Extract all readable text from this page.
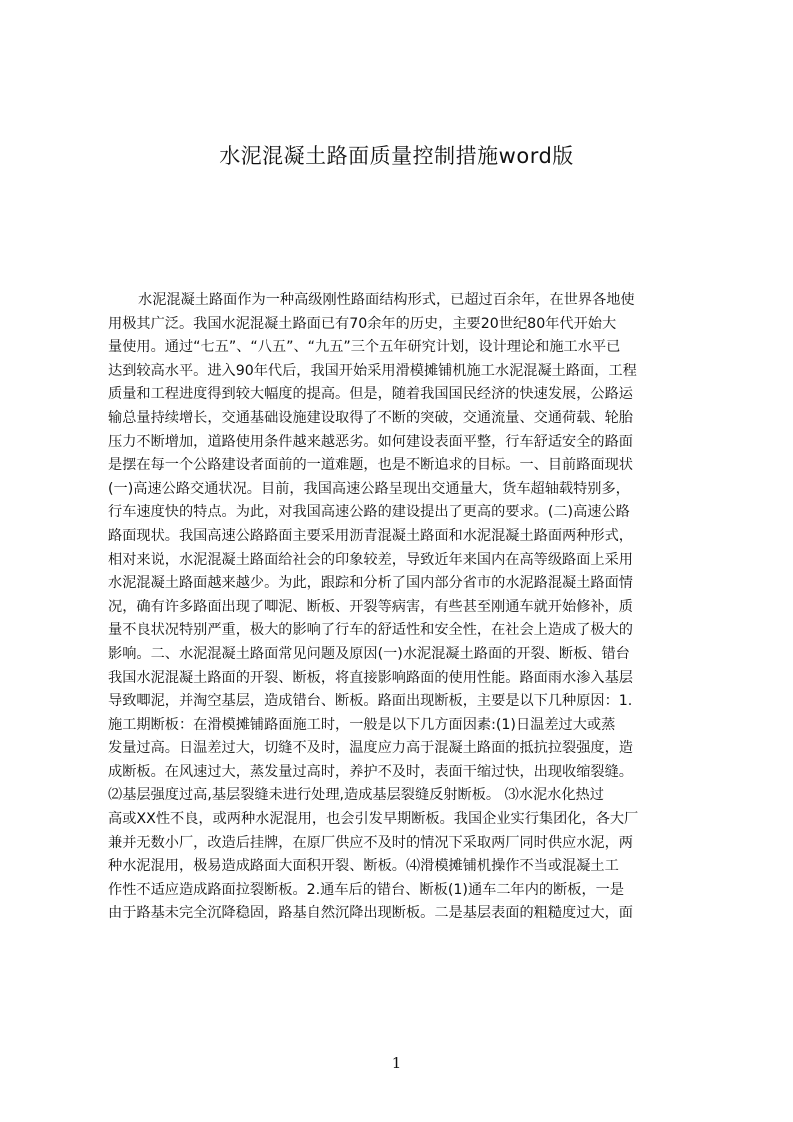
水泥混凝土路面质量控制措施word版
水泥混凝土路面作为一种高级刚性路面结构形式，已超过百余年，在世界各地使
用极其广泛。我国水泥混凝土路面已有70余年的历史，主要20世纪80年代开始大
量使用。通过“七五”、“八五”、“九五”三个五年研究计划，设计理论和施工水平已
达到较高水平。进入90年代后，我国开始采用滑模摊铺机施工水泥混凝土路面，工程
质量和工程进度得到较大幅度的提高。但是，随着我国国民经济的快速发展，公路运
输总量持续增长，交通基础设施建设取得了不断的突破，交通流量、交通荷载、轮胎
压力不断增加，道路使用条件越来越恶劣。如何建设表面平整，行车舒适安全的路面
是摆在每一个公路建设者面前的一道难题，也是不断追求的目标。一、目前路面现状
(一)高速公路交通状况。目前，我国高速公路呈现出交通量大，货车超轴载特别多，
行车速度快的特点。为此，对我国高速公路的建设提出了更高的要求。(二)高速公路
路面现状。我国高速公路路面主要采用沥青混凝土路面和水泥混凝土路面两种形式，
相对来说，水泥混凝土路面给社会的印象较差，导致近年来国内在高等级路面上采用
水泥混凝土路面越来越少。为此，跟踪和分析了国内部分省市的水泥路混凝土路面情
况，确有许多路面出现了唧泥、断板、开裂等病害，有些甚至刚通车就开始修补，质
量不良状况特别严重，极大的影响了行车的舒适性和安全性，在社会上造成了极大的
影响。二、水泥混凝土路面常见问题及原因(一)水泥混凝土路面的开裂、断板、错台
我国水泥混凝土路面的开裂、断板，将直接影响路面的使用性能。路面雨水渗入基层
导致唧泥，并淘空基层，造成错台、断板。路面出现断板，主要是以下几种原因：1.
施工期断板：在滑模摊铺路面施工时，一般是以下几方面因素:(1)日温差过大或蒸
发量过高。日温差过大，切缝不及时，温度应力高于混凝土路面的抵抗拉裂强度，造
成断板。在风速过大，蒸发量过高时，养护不及时，表面干缩过快，出现收缩裂缝。
⑵基层强度过高,基层裂缝未进行处理,造成基层裂缝反射断板。 ⑶水泥水化热过
高或XX性不良，或两种水泥混用，也会引发早期断板。我国企业实行集团化，各大厂
兼并无数小厂，改造后挂牌，在原厂供应不及时的情况下采取两厂同时供应水泥，两
种水泥混用，极易造成路面大面积开裂、断板。⑷滑模摊铺机操作不当或混凝土工
作性不适应造成路面拉裂断板。2.通车后的错台、断板(1)通车二年内的断板，一是
由于路基未完全沉降稳固，路基自然沉降出现断板。二是基层表面的粗糙度过大，面
1
